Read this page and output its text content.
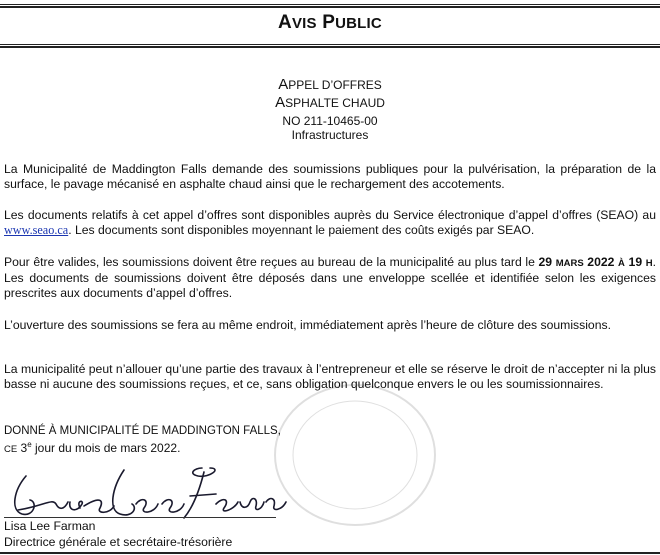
AVIS PUBLIC
APPEL D’OFFRES
ASPHALTE CHAUD
NO 211-10465-00
Infrastructures

La Municipalité de Maddington Falls demande des soumissions publiques pour la pulvérisation, la préparation de la surface, le pavage mécanisé en asphalte chaud ainsi que le rechargement des accotements.

Les documents relatifs à cet appel d’offres sont disponibles auprès du Service électronique d’appel d’offres (SEAO) au www.seao.ca. Les documents sont disponibles moyennant le paiement des coûts exigés par SEAO.

Pour être valides, les soumissions doivent être reçues au bureau de la municipalité au plus tard le 29 MARS 2022 À 19 H. Les documents de soumissions doivent être déposés dans une enveloppe scellée et identifiée selon les exigences prescrites aux documents d’appel d’offres.

L’ouverture des soumissions se fera au même endroit, immédiatement après l’heure de clôture des soumissions.

La municipalité peut n’allouer qu’une partie des travaux à l’entrepreneur et elle se réserve le droit de n’accepter ni la plus basse ni aucune des soumissions reçues, et ce, sans obligation quelconque envers le ou les soumissionnaires.

DONNÉ À MUNICIPALITÉ DE MADDINGTON FALLS,
CE 3e jour du mois de mars 2022.
Lisa Lee Farman
Directrice générale et secrétaire-trésorière
